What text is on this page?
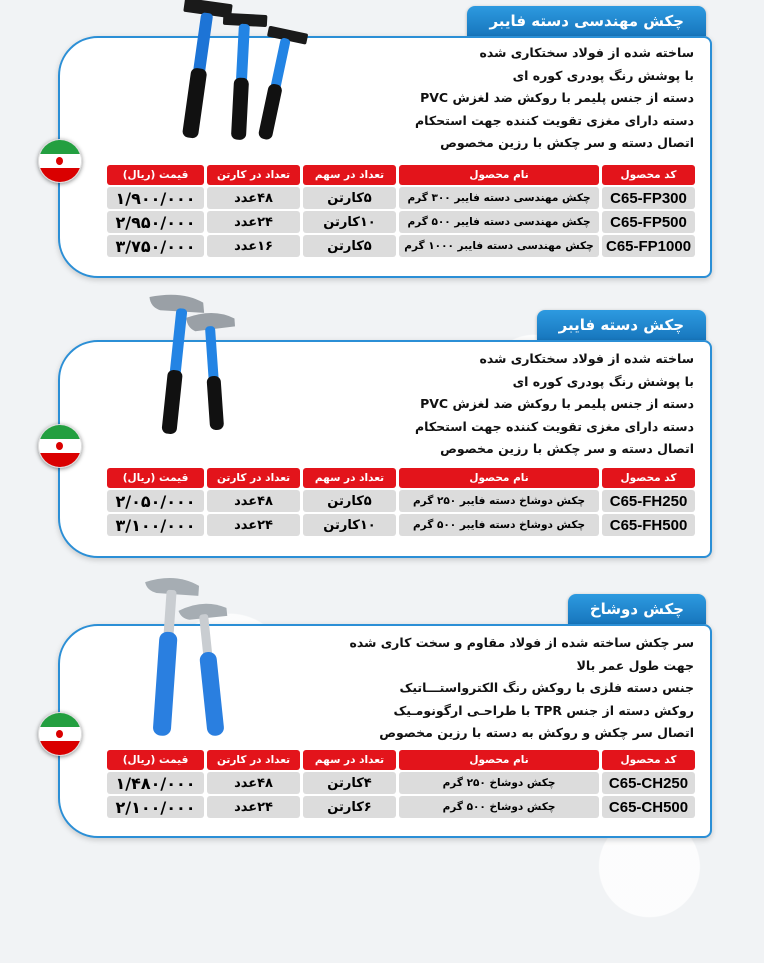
چکش مهندسی دسته فایبر
ساخته شده از فولاد سختکاری شده
با پوشش رنگ پودری کوره ای
دسته از جنس پلیمر با روکش ضد لغزش PVC
دسته دارای مغزی تقویت کننده جهت استحکام
اتصال دسته و سر چکش با رزین مخصوص
کد محصول	نام محصول	تعداد در سهم	تعداد در کارتن	قیمت (ریال)
C65-FP300	چکش مهندسی دسته فایبر ۳۰۰ گرم	۵کارتن	۴۸عدد	۱/۹۰۰/۰۰۰
C65-FP500	چکش مهندسی دسته فایبر ۵۰۰ گرم	۱۰کارتن	۲۴عدد	۲/۹۵۰/۰۰۰
C65-FP1000	چکش مهندسی دسته فایبر ۱۰۰۰ گرم	۵کارتن	۱۶عدد	۳/۷۵۰/۰۰۰
چکش دسته فایبر
ساخته شده از فولاد سختکاری شده
با پوشش رنگ پودری کوره ای
دسته از جنس پلیمر با روکش ضد لغزش PVC
دسته دارای مغزی تقویت کننده جهت استحکام
اتصال دسته و سر چکش با رزین مخصوص
کد محصول	نام محصول	تعداد در سهم	تعداد در کارتن	قیمت (ریال)
C65-FH250	چکش دوشاخ دسته فایبر ۲۵۰ گرم	۵کارتن	۴۸عدد	۲/۰۵۰/۰۰۰
C65-FH500	چکش دوشاخ دسته فایبر ۵۰۰ گرم	۱۰کارتن	۲۴عدد	۳/۱۰۰/۰۰۰
چکش دوشاخ
سر چکش ساخته شده از فولاد مقاوم و سخت کاری شده
جهت طول عمر بالا
جنس دسته فلزی با روکش رنگ الکترواستـــاتیک
روکش دسته از جنس TPR با طراحـی ارگونومـیک
اتصال سر چکش و روکش به دسته با رزین مخصوص
کد محصول	نام محصول	تعداد در سهم	تعداد در کارتن	قیمت (ریال)
C65-CH250	چکش دوشاخ ۲۵۰ گرم	۴کارتن	۴۸عدد	۱/۴۸۰/۰۰۰
C65-CH500	چکش دوشاخ ۵۰۰ گرم	۶کارتن	۲۴عدد	۲/۱۰۰/۰۰۰
